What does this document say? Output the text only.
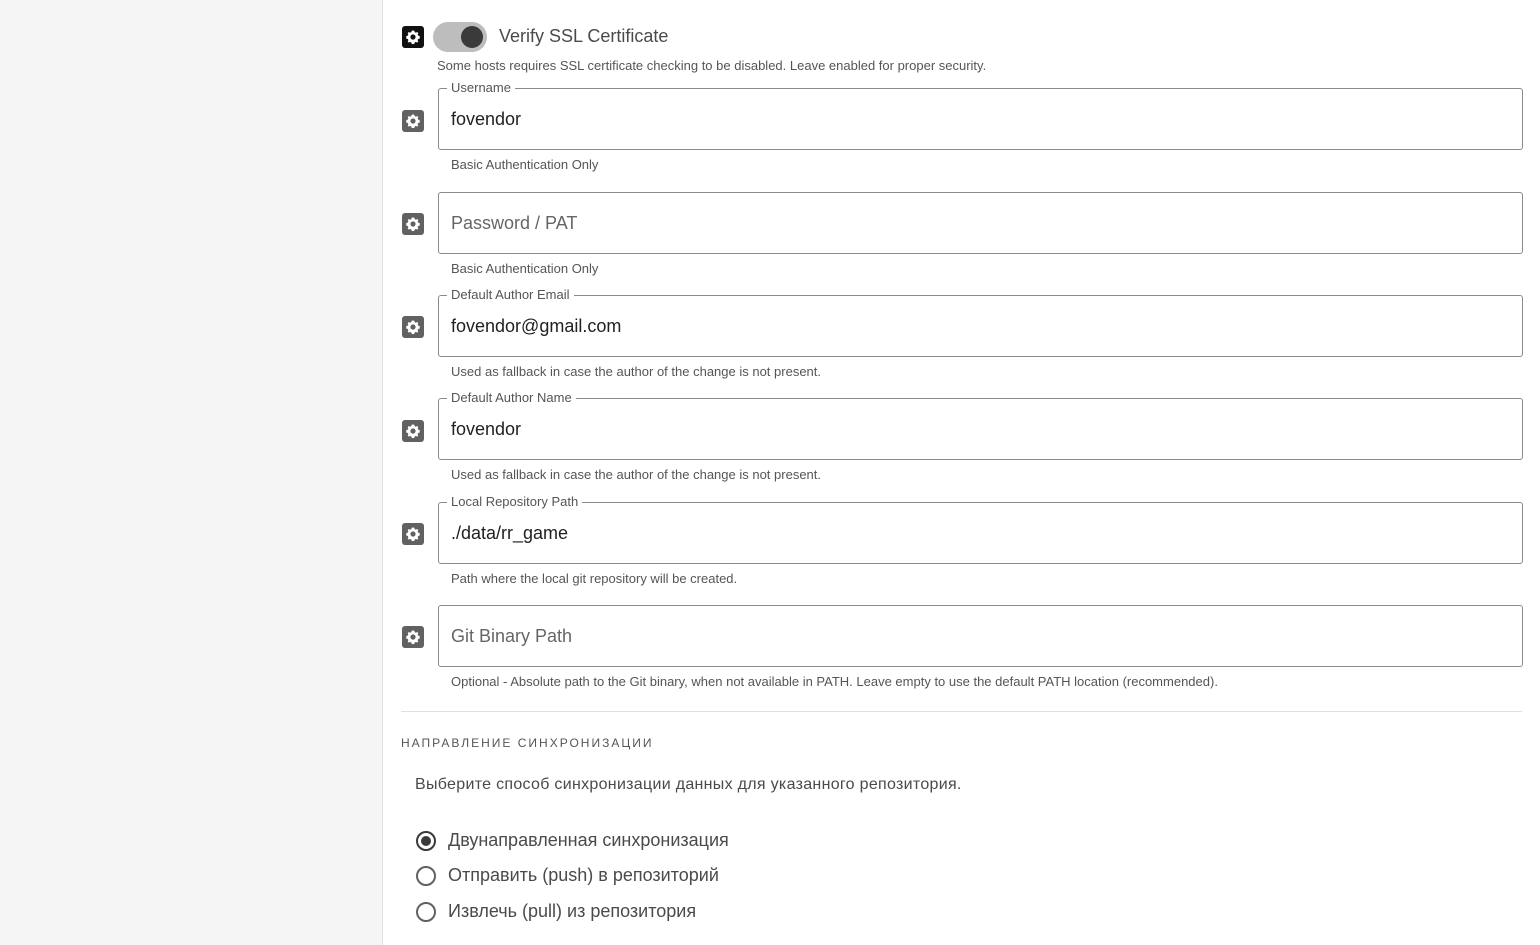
Verify SSL Certificate
Some hosts requires SSL certificate checking to be disabled. Leave enabled for proper security.
Username
fovendor
Basic Authentication Only
Basic Authentication Only
Default Author Email
fovendor@gmail.com
Used as fallback in case the author of the change is not present.
Default Author Name
fovendor
Used as fallback in case the author of the change is not present.
Local Repository Path
./data/rr_game
Path where the local git repository will be created.
Git Binary Path
Optional - Absolute path to the Git binary, when not available in PATH. Leave empty to use the default PATH location (recommended).
НАПРАВЛЕНИЕ СИНХРОНИЗАЦИИ
Выберите способ синхронизации данных для указанного репозитория.
Двунаправленная синхронизация
Отправить (push) в репозиторий
Извлечь (pull) из репозитория
